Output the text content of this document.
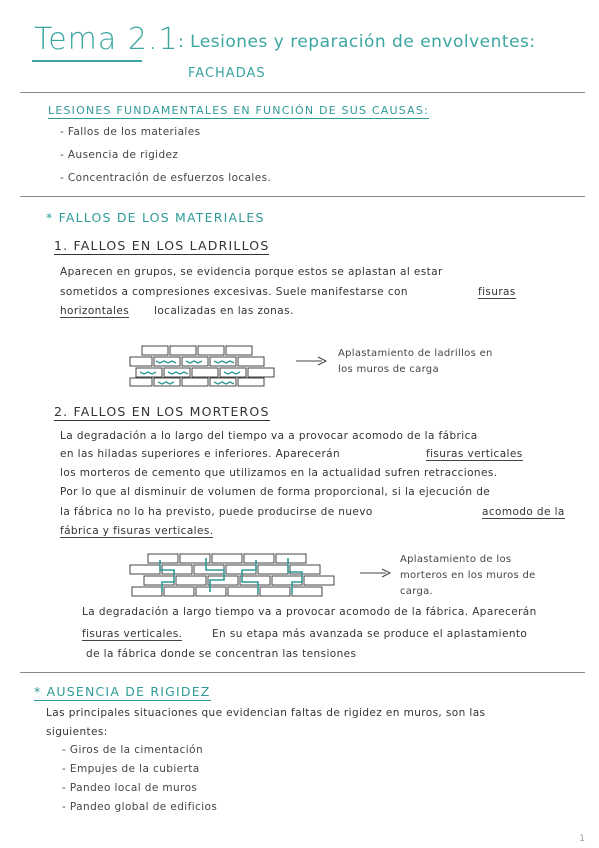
Tema 2.1 : Lesiones y reparación de envolventes:
FACHADAS
LESIONES FUNDAMENTALES EN FUNCIÓN DE SUS CAUSAS:
- Fallos de los materiales
- Ausencia de rigidez
- Concentración de esfuerzos locales.
* FALLOS DE LOS MATERIALES
1. FALLOS EN LOS LADRILLOS
Aparecen en grupos, se evidencia porque estos se aplastan al estar
sometidos a compresiones excesivas. Suele manifestarse con	fisuras
horizontales localizadas en las zonas.
Aplastamiento de ladrillos en
los muros de carga
2. FALLOS EN LOS MORTEROS
La degradación a lo largo del tiempo va a provocar acomodo de la fábrica
en las hiladas superiores e inferiores. Aparecerán	fisuras verticales
los morteros de cemento que utilizamos en la actualidad sufren retracciones.
Por lo que al disminuir de volumen de forma proporcional, si la ejecución de
la fábrica no lo ha previsto, puede producirse de nuevo	acomodo de la
fábrica y fisuras verticales.
Aplastamiento de los
morteros en los muros de
carga.
La degradación a largo tiempo va a provocar acomodo de la fábrica. Aparecerán
fisuras verticales.	En su etapa más avanzada se produce el aplastamiento
de la fábrica donde se concentran las tensiones
* AUSENCIA DE RIGIDEZ
Las principales situaciones que evidencian faltas de rigidez en muros, son las
siguientes:
- Giros de la cimentación
- Empujes de la cubierta
- Pandeo local de muros
- Pandeo global de edificios
1
